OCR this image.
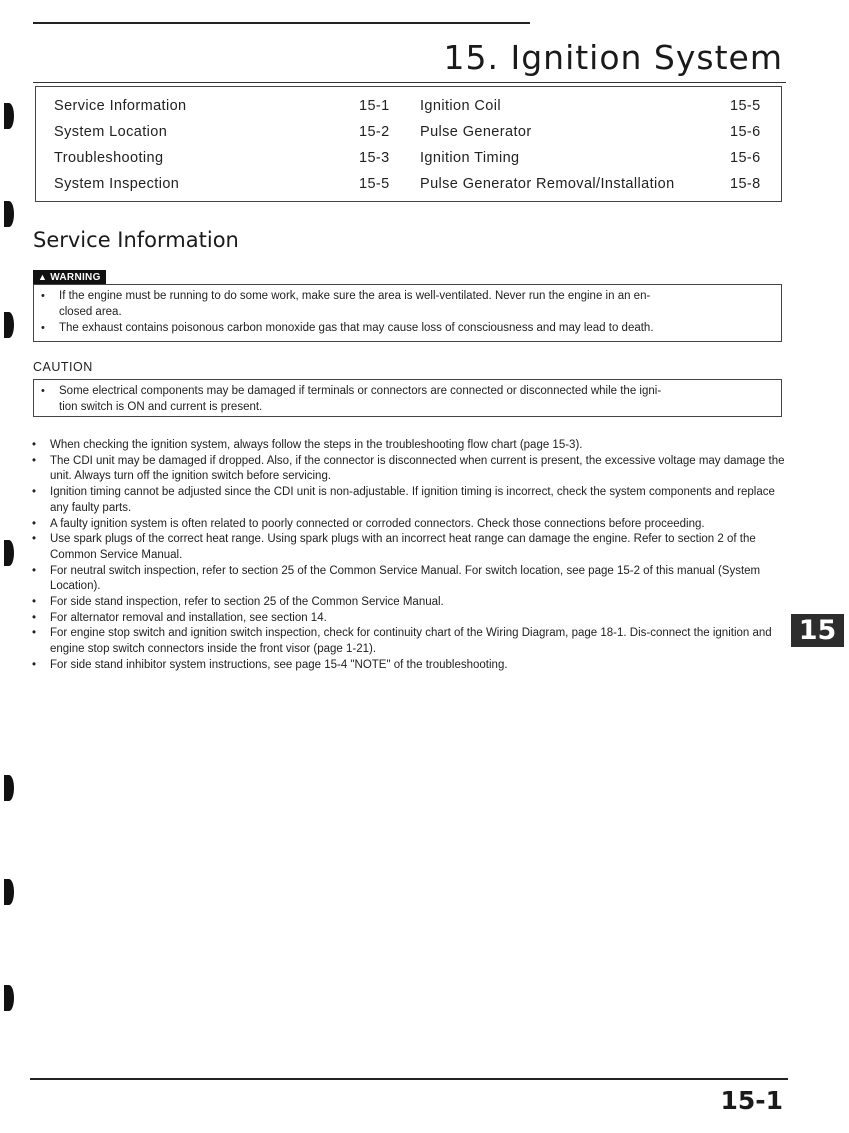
15. Ignition System
Service Information	15-1 Ignition Coil	15-5
System Location	15-2 Pulse Generator	15-6
Troubleshooting	15-3 Ignition Timing	15-6
System Inspection	15-5 Pulse Generator Removal/Installation	15-8
Service Information
▲ WARNING
• If the engine must be running to do some work, make sure the area is well-ventilated. Never run the engine in an en-
closed area.
• The exhaust contains poisonous carbon monoxide gas that may cause loss of consciousness and may lead to death.
CAUTION
• Some electrical components may be damaged if terminals or connectors are connected or disconnected while the igni-
tion switch is ON and current is present.
• When checking the ignition system, always follow the steps in the troubleshooting flow chart (page 15-3).
• The CDI unit may be damaged if dropped. Also, if the connector is disconnected when current is present, the excessive voltage may damage the unit. Always turn off the ignition switch before servicing.
• Ignition timing cannot be adjusted since the CDI unit is non-adjustable. If ignition timing is incorrect, check the system components and replace any faulty parts.
• A faulty ignition system is often related to poorly connected or corroded connectors. Check those connections before proceeding.
• Use spark plugs of the correct heat range. Using spark plugs with an incorrect heat range can damage the engine. Refer to section 2 of the Common Service Manual.
• For neutral switch inspection, refer to section 25 of the Common Service Manual. For switch location, see page 15-2 of this manual (System Location).
• For side stand inspection, refer to section 25 of the Common Service Manual.
• For alternator removal and installation, see section 14.
• For engine stop switch and ignition switch inspection, check for continuity chart of the Wiring Diagram, page 18-1. Dis-connect the ignition and engine stop switch connectors inside the front visor (page 1-21).
• For side stand inhibitor system instructions, see page 15-4 "NOTE" of the troubleshooting.
15
15-1
